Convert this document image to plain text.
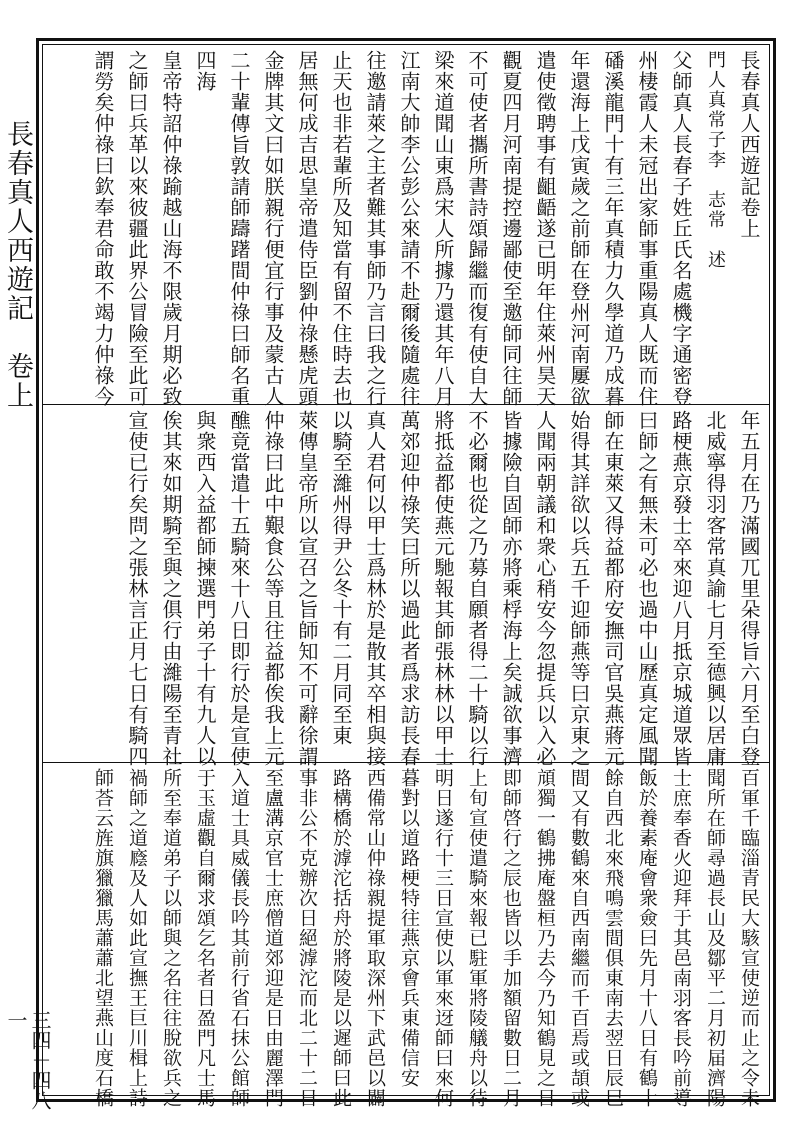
長春真人西遊記　卷上
三四－四八一
長春真人西遊記卷上
門人真常子李　志常　述
父師真人長春子姓丘氏名處機字通密登
州棲霞人未冠出家師事重陽真人既而住
磻溪龍門十有三年真積力久學道乃成暮
年還海上戊寅歲之前師在登州河南屢欲
遣使徵聘事有齟齬遂已明年住萊州昊天
觀夏四月河南提控邊鄙使至邀師同往師
不可使者攜所書詩頌歸繼而復有使自大
梁來道聞山東爲宋人所據乃還其年八月
江南大帥李公彭公來請不赴爾後隨處往
往邀請萊之主者難其事師乃言曰我之行
止天也非若輩所及知當有留不住時去也
居無何成吉思皇帝遣侍臣劉仲祿懸虎頭
金牌其文曰如朕親行便宜行事及蒙古人
二十輩傳旨敦請師躊躇間仲祿曰師名重
四海
皇帝特詔仲祿踰越山海不限歲月期必致
之師曰兵革以來彼疆此界公冒險至此可
謂勞矣仲祿曰欽奉君命敢不竭力仲祿今
年五月在乃滿國兀里朵得旨六月至白登
北威寧得羽客常真諭七月至德興以居庸
路梗燕京發士卒來迎八月抵京城道眾皆
曰師之有無未可必也過中山歷真定風聞
師在東萊又得益都府安撫司官吳燕蔣元
始得其詳欲以兵五千迎師燕等曰京東之
人聞兩朝議和衆心稍安今忽提兵以入必
皆據險自固師亦將乘桴海上矣誠欲事濟
不必爾也從之乃募自願者得二十騎以行
將抵益都使燕元馳報其師張林林以甲士
萬郊迎仲祿笑曰所以過此者爲求訪長春
真人君何以甲士爲林於是散其卒相與接
以騎至濰州得尹公冬十有二月同至東
萊傳皇帝所以宣召之旨師知不可辭徐謂
仲祿曰此中艱食公等且往益都俟我上元
醮竟當遣十五騎來十八日即行於是宣使
與衆西入益都師揀選門弟子十有九人以
俟其來如期騎至與之俱行由濰陽至青社
宣使已行矣問之張林言正月七日有騎四
百軍千臨淄青民大駭宣使逆而止之令未
聞所在師尋過長山及鄒平二月初届濟陽
士庶奉香火迎拜于其邑南羽客長吟前導
飯於養素庵會衆僉曰先月十八日有鶴十
餘自西北來飛鳴雲間俱東南去翌日辰巳
間又有數鶴來自西南繼而千百焉或頡或
頏獨一鶴拂庵盤桓乃去今乃知鶴見之日
即師啓行之辰也皆以手加額留數日二月
上旬宣使遣騎來報已駐軍將陵艤舟以待
明日遂行十三日宣使以軍來迓師曰來何
暮對以道路梗特往燕京會兵東備信安
西備常山仲祿親提軍取深州下武邑以闢
路構橋於滹沱括舟於將陵是以遲師曰此
事非公不克辦次日絕滹沱而北二十二日
至盧溝京官士庶僧道郊迎是日由麗澤門
入道士具威儀長吟其前行省石抹公館師
于玉虛觀自爾求頌乞名者日盈門凡士馬
所至奉道弟子以師與之名往往脫欲兵之
禍師之道廕及人如此宣撫王巨川楫上詩
師荅云旌旗獵獵馬蕭蕭北望燕山度石橋
